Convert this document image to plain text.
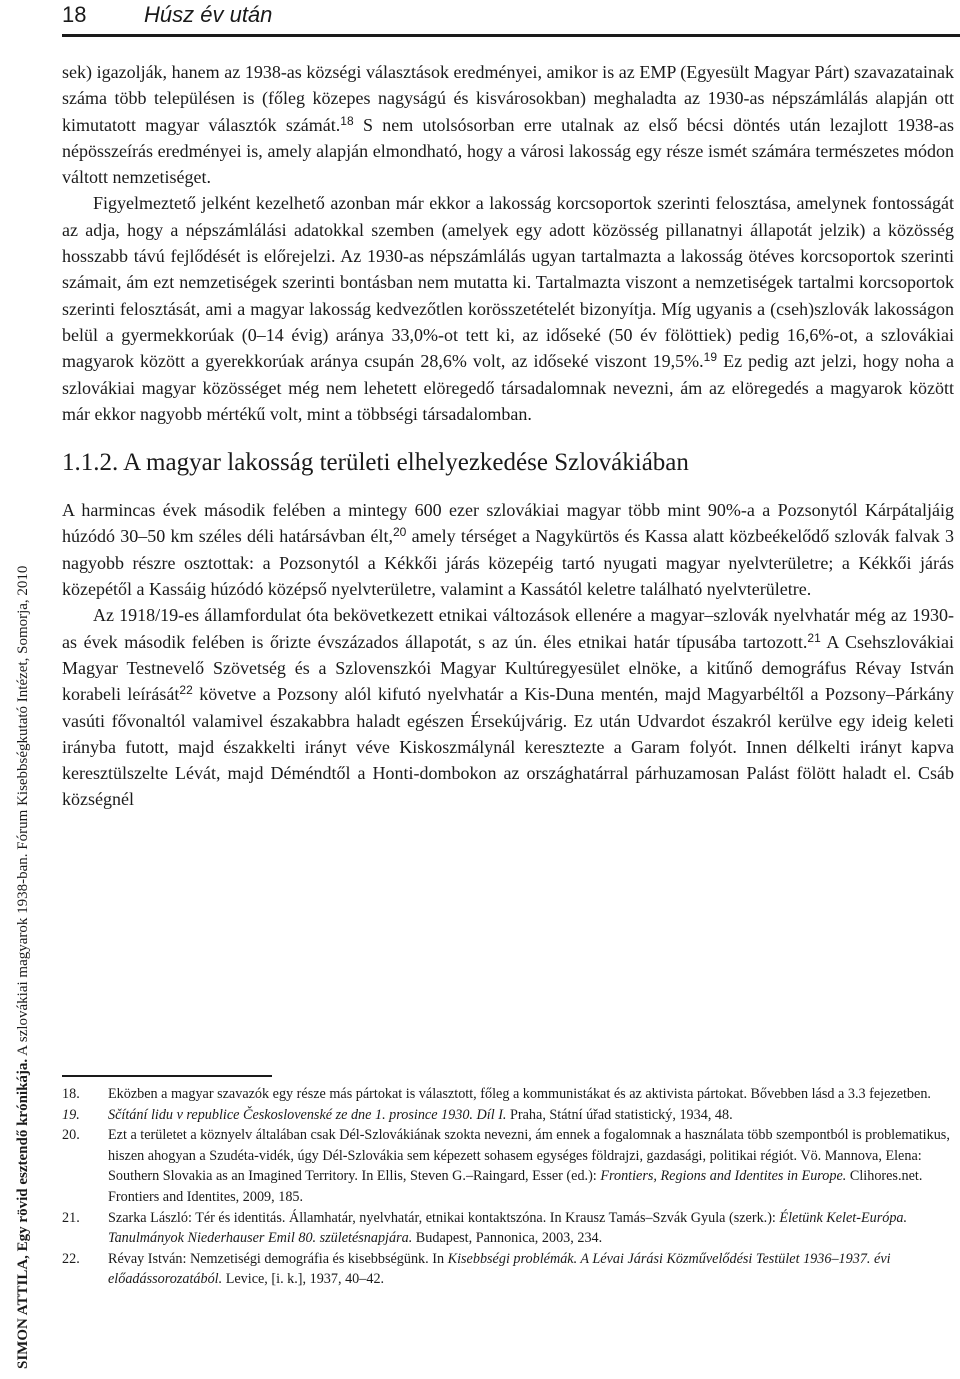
18	Húsz év után
SIMON ATTILA, Egy rövid esztendő krónikája. A szlovákiai magyarok 1938-ban. Fórum Kisebbségkutató Intézet, Somorja, 2010

sek) igazolják, hanem az 1938-as községi választások eredményei, amikor is az EMP (Egyesült Magyar Párt) szavazatainak száma több településen is (főleg közepes nagyságú és kisvárosokban) meghaladta az 1930-as népszámlálás alapján ott kimutatott magyar választók számát.$^{18}$ S nem utolsósorban erre utalnak az első bécsi döntés után lezajlott 1938-as népösszeírás eredményei is, amely alapján elmondható, hogy a városi lakosság egy része ismét számára természetes módon váltott nemzetiséget.

Figyelmeztető jelként kezelhető azonban már ekkor a lakosság korcsoportok szerinti felosztása, amelynek fontosságát az adja, hogy a népszámlálási adatokkal szemben (amelyek egy adott közösség pillanatnyi állapotát jelzik) a közösség hosszabb távú fejlődését is előrejelzi. Az 1930-as népszámlálás ugyan tartalmazta a lakosság ötéves korcsoportok szerinti számait, ám ezt nemzetiségek szerinti bontásban nem mutatta ki. Tartalmazta viszont a nemzetiségek tartalmi korcsoportok szerinti felosztását, ami a magyar lakosság kedvezőtlen korösszetételét bizonyítja. Míg ugyanis a (cseh)szlovák lakosságon belül a gyermekkorúak (0–14 évig) aránya 33,0%-ot tett ki, az időseké (50 év fölöttiek) pedig 16,6%-ot, a szlovákiai magyarok között a gyerekkorúak aránya csupán 28,6% volt, az időseké viszont 19,5%.$^{19}$ Ez pedig azt jelzi, hogy noha a szlovákiai magyar közösséget még nem lehetett elöregedő társadalomnak nevezni, ám az elöregedés a magyarok között már ekkor nagyobb mértékű volt, mint a többségi társadalomban.

1.1.2. A magyar lakosság területi elhelyezkedése Szlovákiában

A harmincas évek második felében a mintegy 600 ezer szlovákiai magyar több mint 90%-a a Pozsonytól Kárpátaljáig húzódó 30–50 km széles déli határsávban élt,$^{20}$ amely térséget a Nagykürtös és Kassa alatt közbeékelődő szlovák falvak 3 nagyobb részre osztottak: a Pozsonytól a Kékkői járás közepéig tartó nyugati magyar nyelvterületre; a Kékkői járás közepétől a Kassáig húzódó középső nyelvterületre, valamint a Kassától keletre található nyelvterületre.

Az 1918/19-es államfordulat óta bekövetkezett etnikai változások ellenére a magyar–szlovák nyelvhatár még az 1930-as évek második felében is őrizte évszázados állapotát, s az ún. éles etnikai határ típusába tartozott.$^{21}$ A Csehszlovákiai Magyar Testnevelő Szövetség és a Szlovenszkói Magyar Kultúregyesület elnöke, a kitűnő demográfus Révay István korabeli leírását$^{22}$ követve a Pozsony alól kifutó nyelvhatár a Kis-Duna mentén, majd Magyarbéltől a Pozsony–Párkány vasúti fővonaltól valamivel északabbra haladt egészen Érsekújvárig. Ez után Udvardot északról kerülve egy ideig keleti irányba futott, majd északkelti irányt véve Kiskoszmálynál keresztezte a Garam folyót. Innen délkelti irányt kapva keresztülszelte Lévát, majd Déméndtől a Honti-dombokon az országhatárral párhuzamosan Palást fölött haladt el. Csáb községnél

18.	Eközben a magyar szavazók egy része más pártokat is választott, főleg a kommunistákat és az aktivista pártokat. Bővebben lásd a 3.3 fejezetben.
19.	Sčítání lidu v republice Československé ze dne 1. prosince 1930. Díl I. Praha, Státní úřad statistický, 1934, 48.
20.	Ezt a területet a köznyelv általában csak Dél-Szlovákiának szokta nevezni, ám ennek a fogalomnak a használata több szempontból is problematikus, hiszen ahogyan a Szudéta-vidék, úgy Dél-Szlovákia sem képezett sohasem egységes földrajzi, gazdasági, politikai régiót. Vö. Mannova, Elena: Southern Slovakia as an Imagined Territory. In Ellis, Steven G.–Raingard, Esser (ed.): Frontiers, Regions and Identites in Europe. Clihores.net. Frontiers and Identites, 2009, 185.
21.	Szarka László: Tér és identitás. Államhatár, nyelvhatár, etnikai kontaktszóna. In Krausz Tamás–Szvák Gyula (szerk.): Életünk Kelet-Európa. Tanulmányok Niederhauser Emil 80. születésnapjára. Budapest, Pannonica, 2003, 234.
22.	Révay István: Nemzetiségi demográfia és kisebbségünk. In Kisebbségi problémák. A Lévai Járási Közművelődési Testület 1936–1937. évi előadássorozatából. Levice, [i. k.], 1937, 40–42.
